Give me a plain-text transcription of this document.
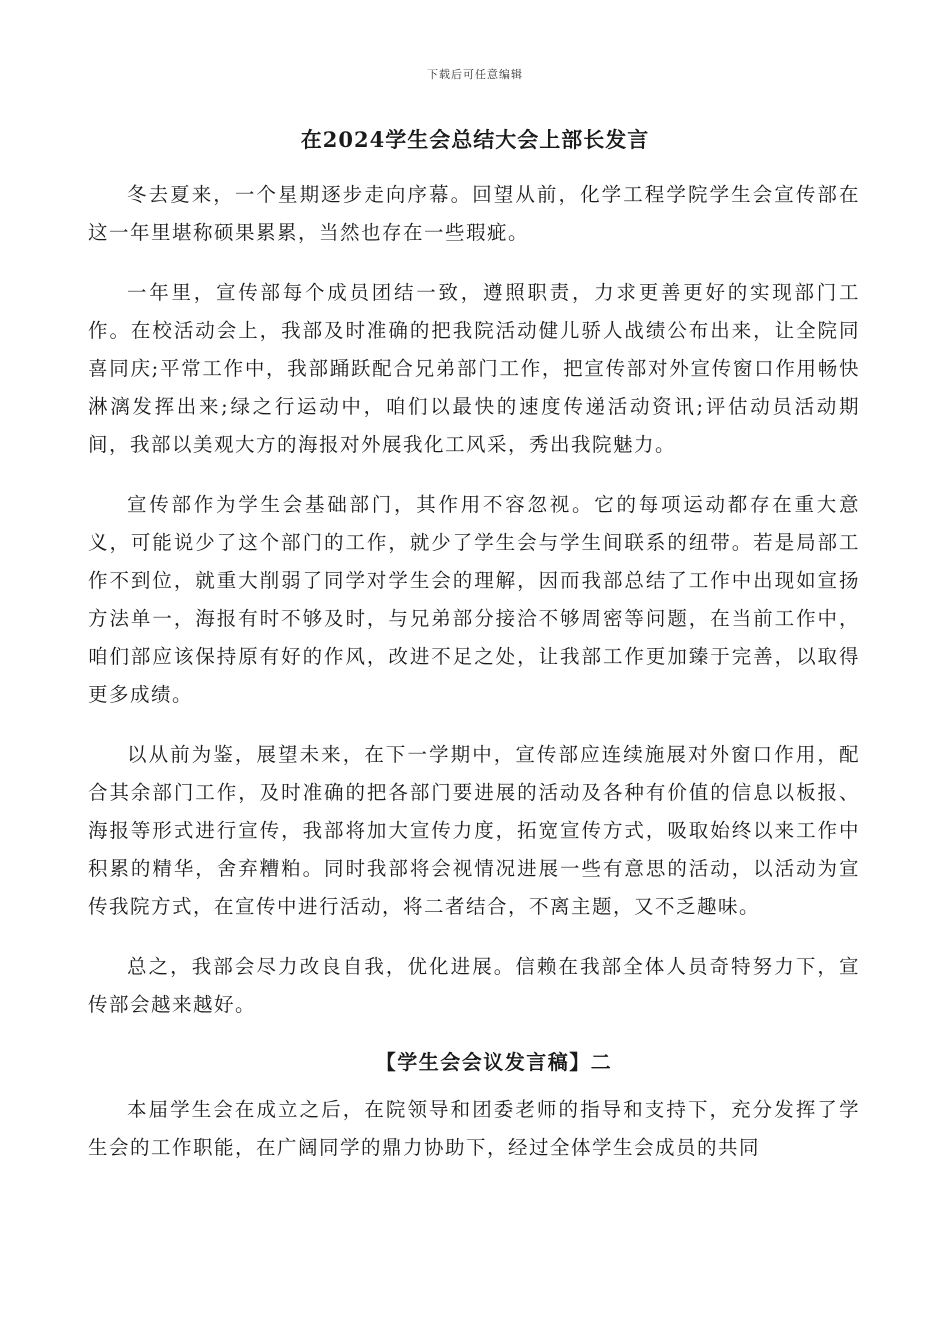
下载后可任意编辑
在2024学生会总结大会上部长发言

冬去夏来，一个星期逐步走向序幕。回望从前，化学工程学院学生会宣传部在这一年里堪称硕果累累，当然也存在一些瑕疵。

一年里，宣传部每个成员团结一致，遵照职责，力求更善更好的实现部门工作。在校活动会上，我部及时准确的把我院活动健儿骄人战绩公布出来，让全院同喜同庆;平常工作中，我部踊跃配合兄弟部门工作，把宣传部对外宣传窗口作用畅快淋漓发挥出来;绿之行运动中，咱们以最快的速度传递活动资讯;评估动员活动期间，我部以美观大方的海报对外展我化工风采，秀出我院魅力。

宣传部作为学生会基础部门，其作用不容忽视。它的每项运动都存在重大意义，可能说少了这个部门的工作，就少了学生会与学生间联系的纽带。若是局部工作不到位，就重大削弱了同学对学生会的理解，因而我部总结了工作中出现如宣扬方法单一，海报有时不够及时，与兄弟部分接洽不够周密等问题，在当前工作中，咱们部应该保持原有好的作风，改进不足之处，让我部工作更加臻于完善，以取得更多成绩。

以从前为鉴，展望未来，在下一学期中，宣传部应连续施展对外窗口作用，配合其余部门工作，及时准确的把各部门要进展的活动及各种有价值的信息以板报、海报等形式进行宣传，我部将加大宣传力度，拓宽宣传方式，吸取始终以来工作中积累的精华，舍弃糟粕。同时我部将会视情况进展一些有意思的活动，以活动为宣传我院方式，在宣传中进行活动，将二者结合，不离主题，又不乏趣味。

总之，我部会尽力改良自我，优化进展。信赖在我部全体人员奇特努力下，宣传部会越来越好。

【学生会会议发言稿】二

本届学生会在成立之后，在院领导和团委老师的指导和支持下，充分发挥了学生会的工作职能，在广阔同学的鼎力协助下，经过全体学生会成员的共同
